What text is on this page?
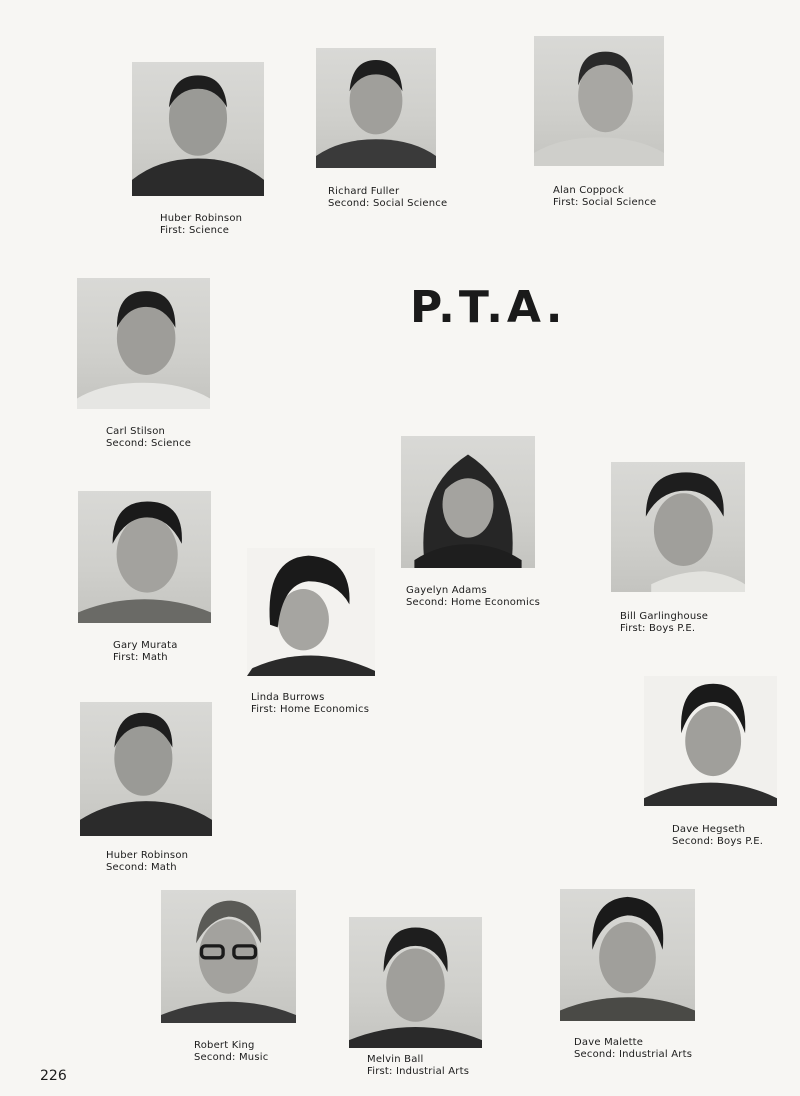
P.T.A.
Huber Robinson
First: Science
Richard Fuller
Second: Social Science
Alan Coppock
First: Social Science
Carl Stilson
Second: Science
Gayelyn Adams
Second: Home Economics
Bill Garlinghouse
First: Boys P.E.
Gary Murata
First: Math
Linda Burrows
First: Home Economics
Dave Hegseth
Second: Boys P.E.
Huber Robinson
Second: Math
Robert King
Second: Music	Melvin Ball
First: Industrial Arts
Dave Malette
Second: Industrial Arts
226
